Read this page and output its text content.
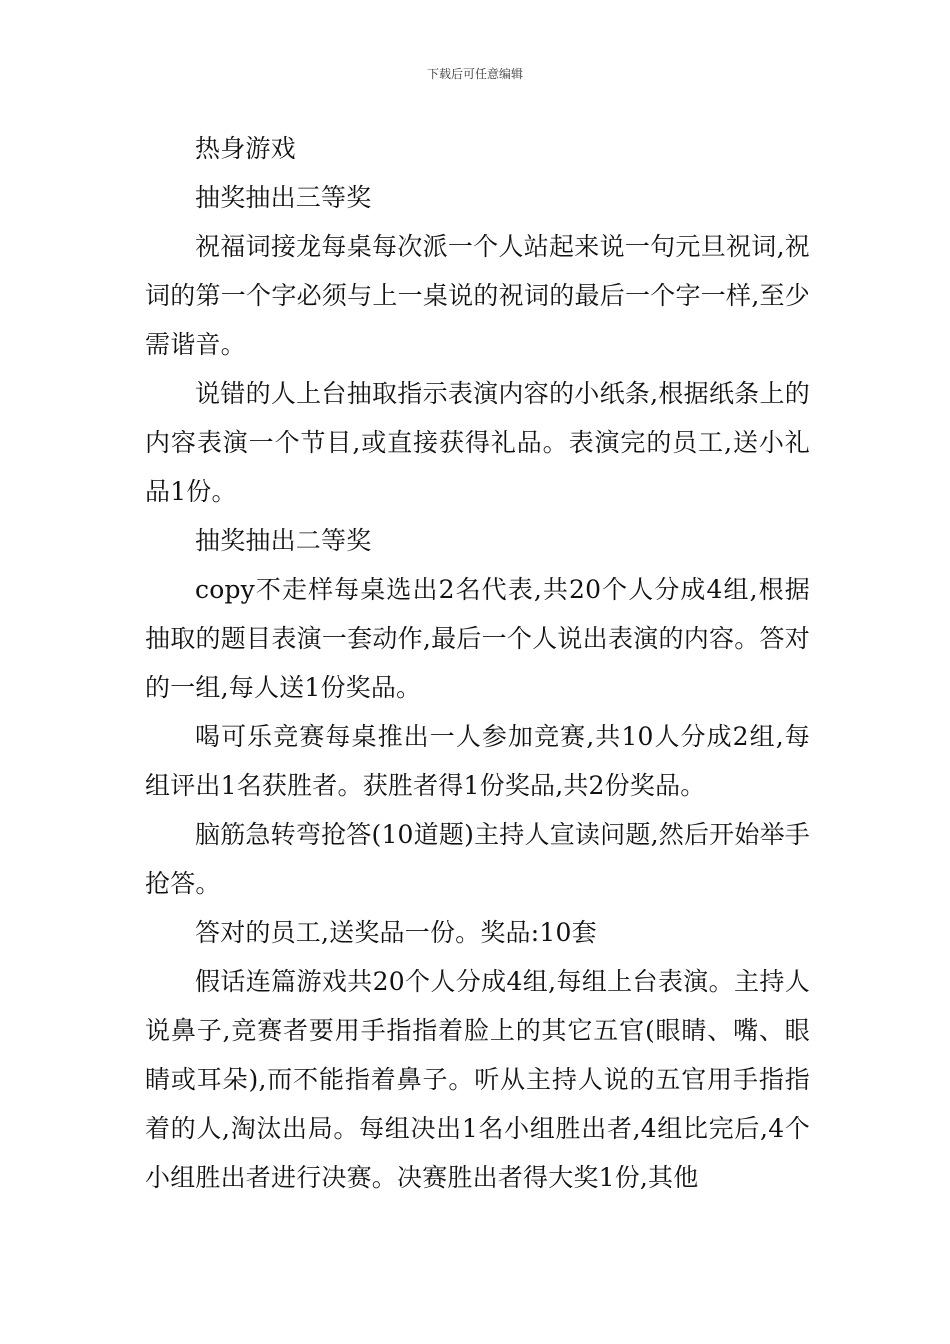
下载后可任意编辑

热身游戏

抽奖抽出三等奖

祝福词接龙每桌每次派一个人站起来说一句元旦祝词,祝词的第一个字必须与上一桌说的祝词的最后一个字一样,至少需谐音。

说错的人上台抽取指示表演内容的小纸条,根据纸条上的内容表演一个节目,或直接获得礼品。表演完的员工,送小礼品1份。

抽奖抽出二等奖

copy不走样每桌选出2名代表,共20个人分成4组,根据抽取的题目表演一套动作,最后一个人说出表演的内容。答对的一组,每人送1份奖品。

喝可乐竞赛每桌推出一人参加竞赛,共10人分成2组,每组评出1名获胜者。获胜者得1份奖品,共2份奖品。

脑筋急转弯抢答(10道题)主持人宣读问题,然后开始举手抢答。

答对的员工,送奖品一份。奖品:10套

假话连篇游戏共20个人分成4组,每组上台表演。主持人说鼻子,竞赛者要用手指指着脸上的其它五官(眼睛、嘴、眼睛或耳朵),而不能指着鼻子。听从主持人说的五官用手指指着的人,淘汰出局。每组决出1名小组胜出者,4组比完后,4个小组胜出者进行决赛。决赛胜出者得大奖1份,其他
